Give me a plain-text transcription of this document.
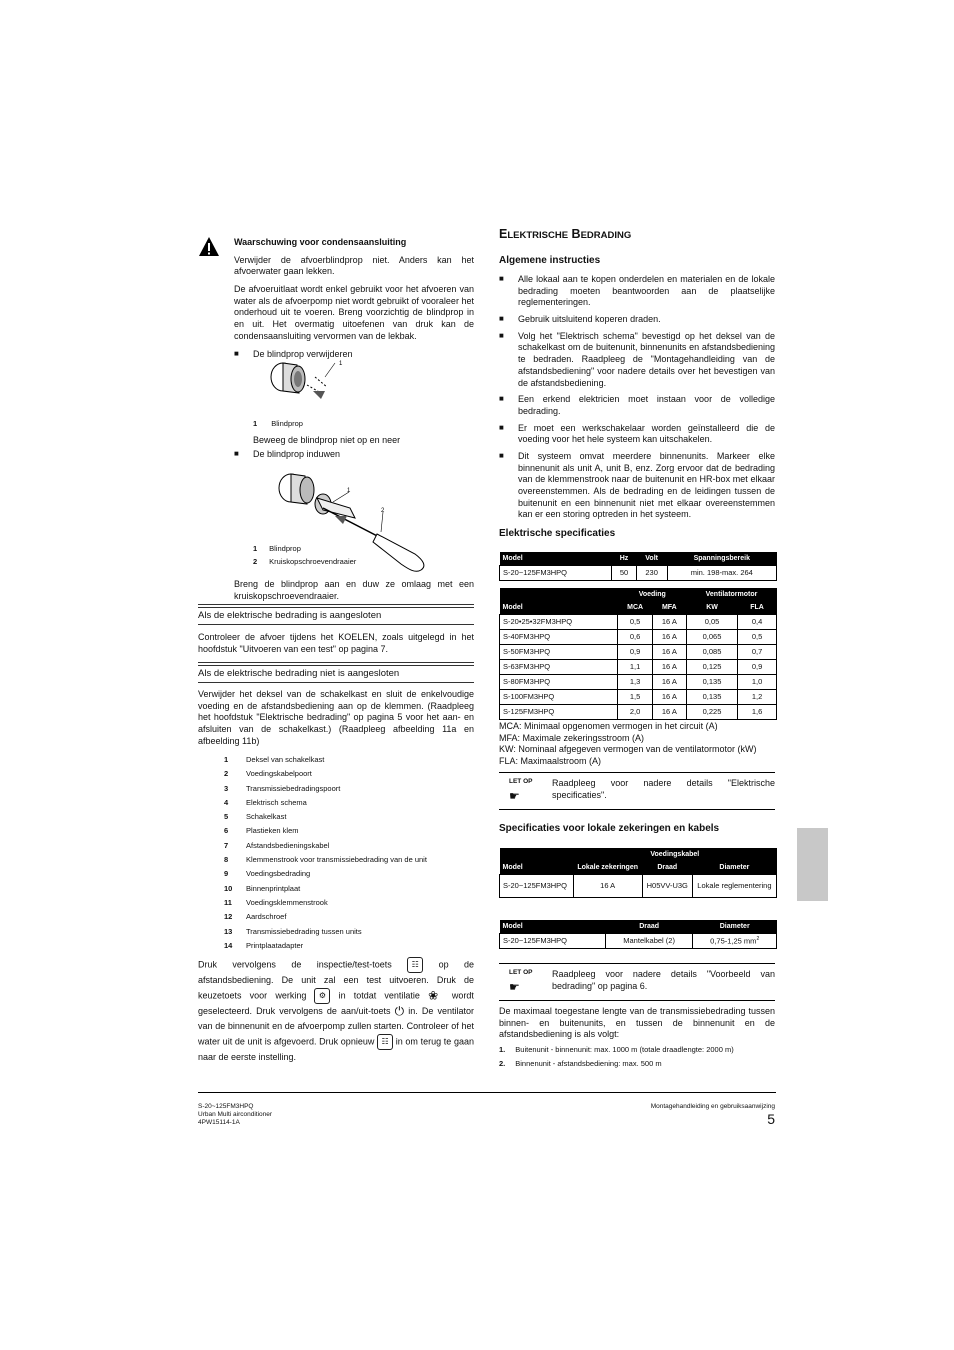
Waarschuwing voor condensaansluiting

Verwijder de afvoerblindprop niet. Anders kan het afvoerwater gaan lekken.

De afvoeruitlaat wordt enkel gebruikt voor het afvoeren van water als de afvoerpomp niet wordt gebruikt of vooraleer het onderhoud uit te voeren. Breng voorzichtig de blindprop in en uit. Het overmatig uitoefenen van druk kan de condensaansluiting vervormen van de lekbak.

■ De blindprop verwijderen
1
1 Blindprop
Beweeg de blindprop niet op en neer
■ De blindprop induwen
1
2
1 Blindprop
2 Kruiskopschroevendraaier

Breng de blindprop aan en duw ze omlaag met een kruiskopschroevendraaier.

Als de elektrische bedrading is aangesloten

Controleer de afvoer tijdens het KOELEN, zoals uitgelegd in het hoofdstuk "Uitvoeren van een test" op pagina 7.

Als de elektrische bedrading niet is aangesloten

Verwijder het deksel van de schakelkast en sluit de enkelvoudige voeding en de afstandsbediening aan op de klemmen. (Raadpleeg het hoofdstuk "Elektrische bedrading" op pagina 5 voor het aan- en afsluiten van de schakelkast.) (Raadpleeg afbeelding 11a en afbeelding 11b)

1 Deksel van schakelkast
2 Voedingskabelpoort
3 Transmissiebedradingspoort
4 Elektrisch schema
5 Schakelkast
6 Plastieken klem
7 Afstandsbedieningskabel
8 Klemmenstrook voor transmissiebedrading van de unit
9 Voedingsbedrading
10 Binnenprintplaat
11 Voedingsklemmenstrook
12 Aardschroef
13 Transmissiebedrading tussen units
14 Printplaatadapter

Druk vervolgens de inspectie/test-toets ☷ op de afstandsbediening. De unit zal een test uitvoeren. Druk de keuzetoets voor werking ⚙ in totdat ventilatie ❀ wordt geselecteerd. Druk vervolgens de aan/uit-toets ⏻ in. De ventilator van de binnenunit en de afvoerpomp zullen starten. Controleer of het water uit de unit is afgevoerd. Druk opnieuw ☷ in om terug te gaan naar de eerste instelling.

ELEKTRISCHE BEDRADING
Algemene instructies
■ Alle lokaal aan te kopen onderdelen en materialen en de lokale bedrading moeten beantwoorden aan de plaatselijke reglementeringen.
■ Gebruik uitsluitend koperen draden.
■ Volg het "Elektrisch schema" bevestigd op het deksel van de schakelkast om de buitenunit, binnenunits en afstandsbediening te bedraden. Raadpleeg de "Montagehandleiding van de afstandsbediening" voor nadere details over het bevestigen van de afstandsbediening.
■ Een erkend elektricien moet instaan voor de volledige bedrading.
■ Er moet een werkschakelaar worden geïnstalleerd die de voeding voor het hele systeem kan uitschakelen.
■ Dit systeem omvat meerdere binnenunits. Markeer elke binnenunit als unit A, unit B, enz. Zorg ervoor dat de bedrading van de klemmenstrook naar de buitenunit en HR-box met elkaar overeenstemmen. Als de bedrading en de leidingen tussen de buitenunit en een binnenunit niet met elkaar overeenstemmen kan er een storing optreden in het systeem.
Elektrische specificaties
Model	Hz	Volt	Spanningsbereik
S-20~125FM3HPQ	50	230	min. 198-max. 264
	Voeding		Ventilatormotor	
Model	MCA	MFA	KW	FLA
S-20•25•32FM3HPQ	0,5	16 A	0,05	0,4
S-40FM3HPQ	0,6	16 A	0,065	0,5
S-50FM3HPQ	0,9	16 A	0,085	0,7
S-63FM3HPQ	1,1	16 A	0,125	0,9
S-80FM3HPQ	1,3	16 A	0,135	1,0
S-100FM3HPQ	1,5	16 A	0,135	1,2
S-125FM3HPQ	2,0	16 A	0,225	1,6
MCA: Minimaal opgenomen vermogen in het circuit (A)
MFA: Maximale zekeringsstroom (A)
KW: Nominaal afgegeven vermogen van de ventilatormotor (kW)
FLA: Maximaalstroom (A)
LET OP
☛

Raadpleeg voor nadere details "Elektrische specificaties".

Specificaties voor lokale zekeringen en kabels
	Voedingskabel		
Model	Lokale zekeringen	Draad	Diameter
S-20~125FM3HPQ	16 A	H05VV-U3G	Lokale reglementering
Model	Draad	Diameter
S-20~125FM3HPQ	Mantelkabel (2)	0,75-1,25 $mm^2$
LET OP
☛

Raadpleeg voor nadere details "Voorbeeld van bedrading" op pagina 6.

De maximaal toegestane lengte van de transmissiebedrading tussen binnen- en buitenunits, en tussen de binnenunit en de afstandsbediening is als volgt:

1. Buitenunit - binnenunit: max. 1000 m (totale draadlengte: 2000 m)
2. Binnenunit - afstandsbediening: max. 500 m
S-20~125FM3HPQ
Urban Multi airconditioner
4PW15114-1A
Montagehandleiding en gebruiksaanwijzing
5
